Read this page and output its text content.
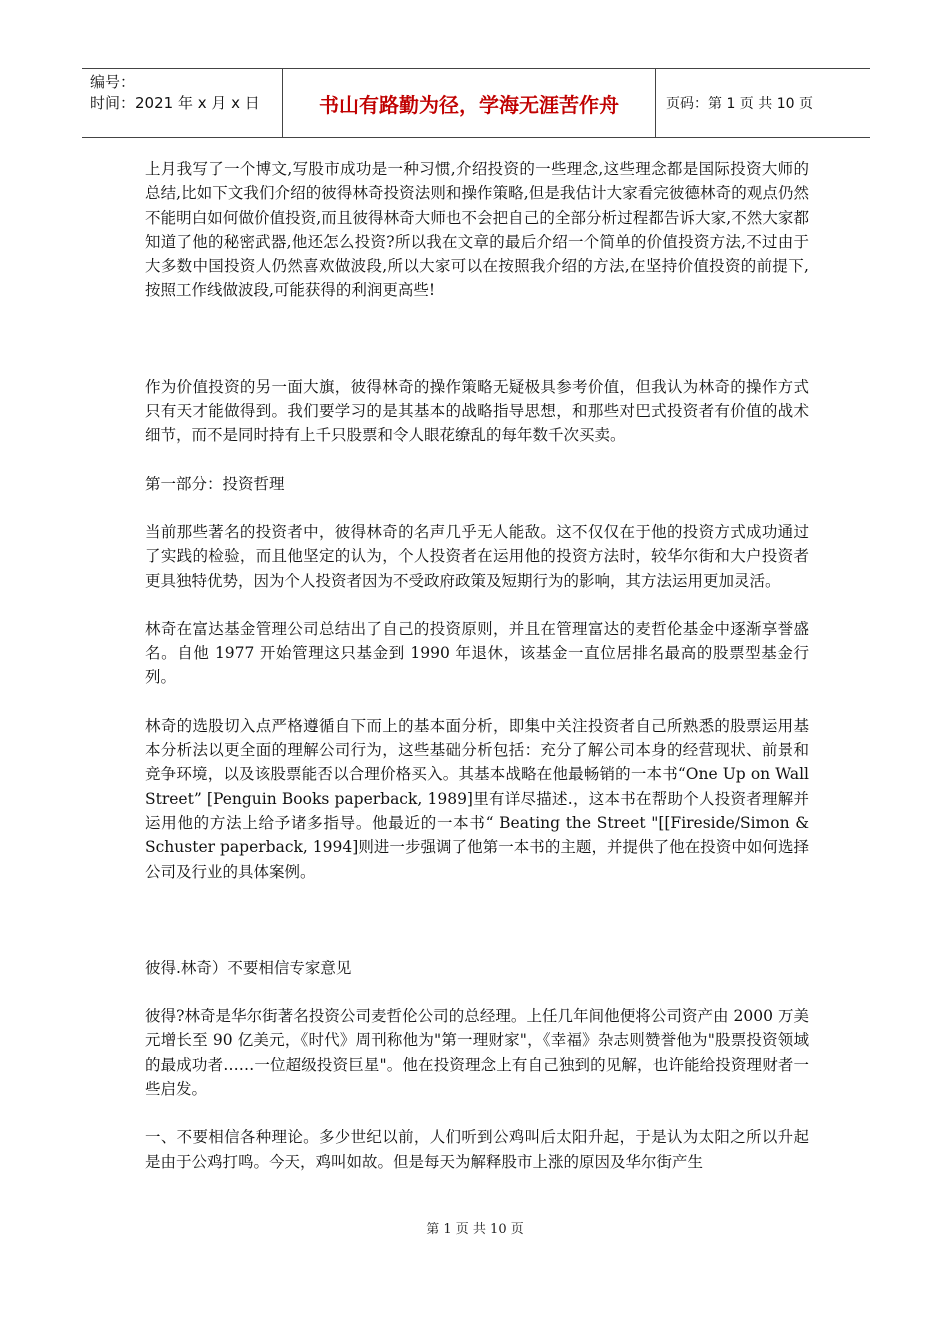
编号：
时间：2021 年 x 月 x 日	书山有路勤为径，学海无涯苦作舟	页码：第 1 页 共 10 页

上月我写了一个博文,写股市成功是一种习惯,介绍投资的一些理念,这些理念都是国际投资大师的总结,比如下文我们介绍的彼得林奇投资法则和操作策略,但是我估计大家看完彼德林奇的观点仍然不能明白如何做价值投资,而且彼得林奇大师也不会把自己的全部分析过程都告诉大家,不然大家都知道了他的秘密武器,他还怎么投资?所以我在文章的最后介绍一个简单的价值投资方法,不过由于大多数中国投资人仍然喜欢做波段,所以大家可以在按照我介绍的方法,在坚持价值投资的前提下,按照工作线做波段,可能获得的利润更高些!

作为价值投资的另一面大旗，彼得林奇的操作策略无疑极具参考价值，但我认为林奇的操作方式只有天才能做得到。我们要学习的是其基本的战略指导思想，和那些对巴式投资者有价值的战术细节，而不是同时持有上千只股票和令人眼花缭乱的每年数千次买卖。

第一部分：投资哲理

当前那些著名的投资者中，彼得林奇的名声几乎无人能敌。这不仅仅在于他的投资方式成功通过了实践的检验，而且他坚定的认为，个人投资者在运用他的投资方法时，较华尔街和大户投资者更具独特优势，因为个人投资者因为不受政府政策及短期行为的影响，其方法运用更加灵活。

林奇在富达基金管理公司总结出了自己的投资原则，并且在管理富达的麦哲伦基金中逐渐享誉盛名。自他 1977 开始管理这只基金到 1990 年退休，该基金一直位居排名最高的股票型基金行列。

林奇的选股切入点严格遵循自下而上的基本面分析，即集中关注投资者自己所熟悉的股票运用基本分析法以更全面的理解公司行为，这些基础分析包括：充分了解公司本身的经营现状、前景和竞争环境，以及该股票能否以合理价格买入。其基本战略在他最畅销的一本书“One Up on Wall Street” [Penguin Books paperback, 1989]里有详尽描述.，这本书在帮助个人投资者理解并运用他的方法上给予诸多指导。他最近的一本书“ Beating the Street "[[Fireside/Simon & Schuster paperback, 1994]则进一步强调了他第一本书的主题，并提供了他在投资中如何选择公司及行业的具体案例。

彼得.林奇）不要相信专家意见

彼得?林奇是华尔街著名投资公司麦哲伦公司的总经理。上任几年间他便将公司资产由 2000 万美元增长至 90 亿美元，《时代》周刊称他为"第一理财家"，《幸福》杂志则赞誉他为"股票投资领域的最成功者……一位超级投资巨星"。他在投资理念上有自己独到的见解，也许能给投资理财者一些启发。

一、不要相信各种理论。多少世纪以前，人们听到公鸡叫后太阳升起，于是认为太阳之所以升起是由于公鸡打鸣。今天，鸡叫如故。但是每天为解释股市上涨的原因及华尔街产生

第 1 页 共 10 页
